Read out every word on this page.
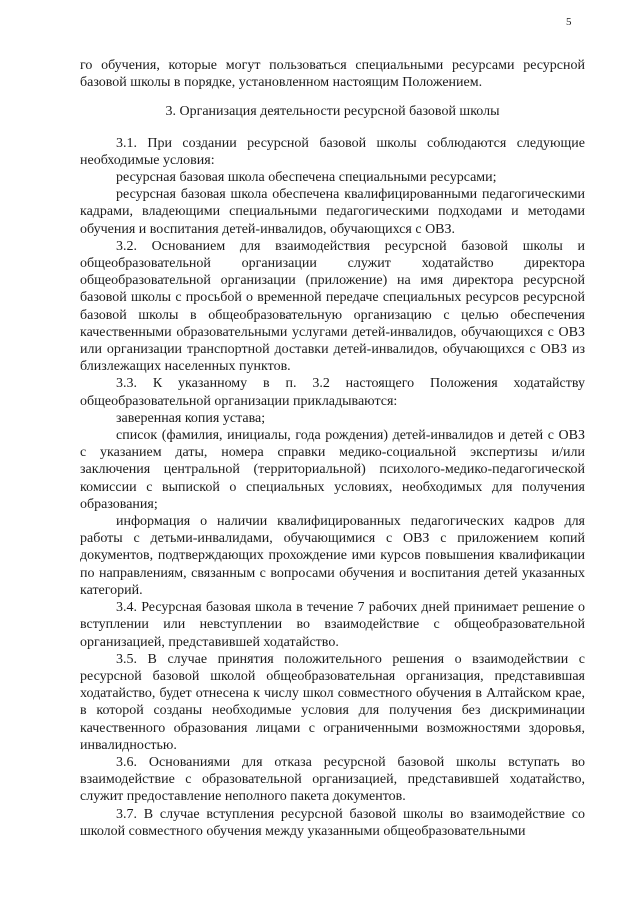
5

го обучения, которые могут пользоваться специальными ресурсами ресурсной базовой школы в порядке, установленном настоящим Положением.

3. Организация деятельности ресурсной базовой школы

3.1. При создании ресурсной базовой школы соблюдаются следующие необходимые условия:

ресурсная базовая школа обеспечена специальными ресурсами;

ресурсная базовая школа обеспечена квалифицированными педагогическими кадрами, владеющими специальными педагогическими подходами и методами обучения и воспитания детей-инвалидов, обучающихся с ОВЗ.

3.2. Основанием для взаимодействия ресурсной базовой школы и общеобразовательной организации служит ходатайство директора общеобразовательной организации (приложение) на имя директора ресурсной базовой школы с просьбой о временной передаче специальных ресурсов ресурсной базовой школы в общеобразовательную организацию с целью обеспечения качественными образовательными услугами детей-инвалидов, обучающихся с ОВЗ или организации транспортной доставки детей-инвалидов, обучающихся с ОВЗ из близлежащих населенных пунктов.

3.3. К указанному в п. 3.2 настоящего Положения ходатайству общеобразовательной организации прикладываются:

заверенная копия устава;

список (фамилия, инициалы, года рождения) детей-инвалидов и детей с ОВЗ с указанием даты, номера справки медико-социальной экспертизы и/или заключения центральной (территориальной) психолого-медико-педагогической комиссии с выпиской о специальных условиях, необходимых для получения образования;

информация о наличии квалифицированных педагогических кадров для работы с детьми-инвалидами, обучающимися с ОВЗ с приложением копий документов, подтверждающих прохождение ими курсов повышения квалификации по направлениям, связанным с вопросами обучения и воспитания детей указанных категорий.

3.4. Ресурсная базовая школа в течение 7 рабочих дней принимает решение о вступлении или невступлении во взаимодействие с общеобразовательной организацией, представившей ходатайство.

3.5. В случае принятия положительного решения о взаимодействии с ресурсной базовой школой общеобразовательная организация, представившая ходатайство, будет отнесена к числу школ совместного обучения в Алтайском крае, в которой созданы необходимые условия для получения без дискриминации качественного образования лицами с ограниченными возможностями здоровья, инвалидностью.

3.6. Основаниями для отказа ресурсной базовой школы вступать во взаимодействие с образовательной организацией, представившей ходатайство, служит предоставление неполного пакета документов.

3.7. В случае вступления ресурсной базовой школы во взаимодействие со школой совместного обучения между указанными общеобразовательными
